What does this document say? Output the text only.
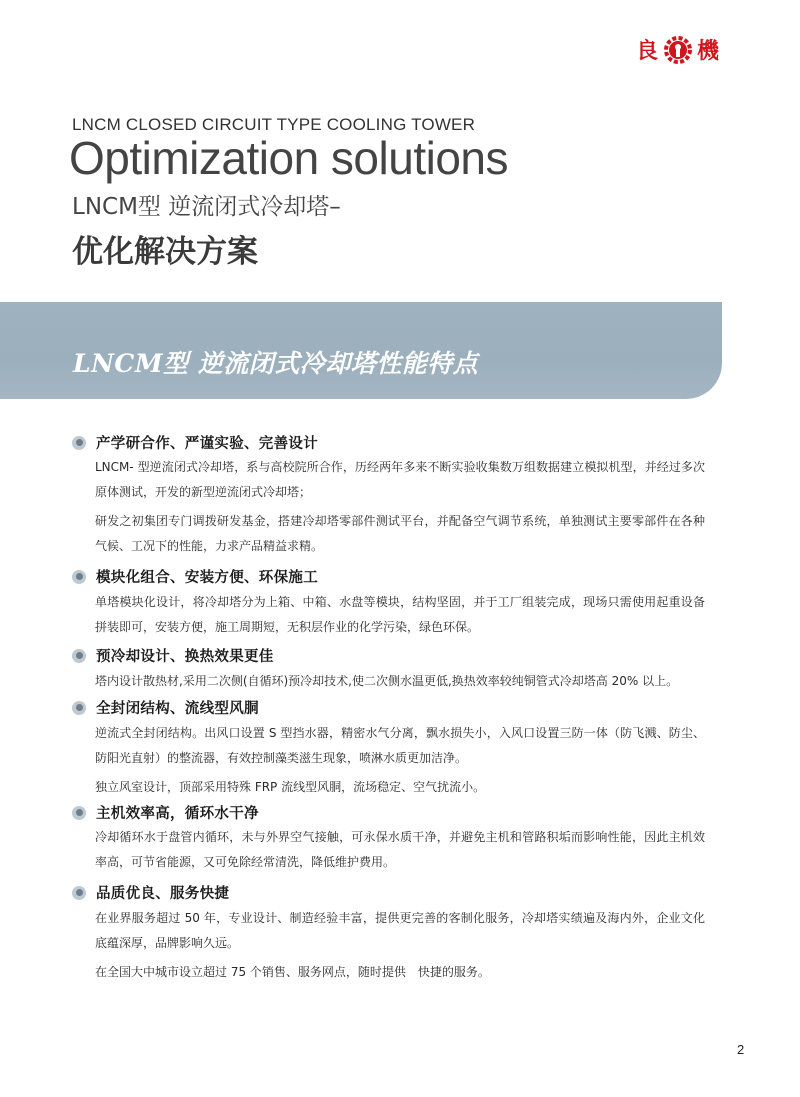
良 機
LNCM CLOSED CIRCUIT TYPE COOLING TOWER
Optimization solutions
LNCM型 逆流闭式冷却塔–
优化解决方案
LNCM型 逆流闭式冷却塔性能特点
产学研合作、严谨实验、完善设计
LNCM- 型逆流闭式冷却塔，系与高校院所合作，历经两年多来不断实验收集数万组数据建立模拟机型，并经过多次原体测试，开发的新型逆流闭式冷却塔；
研发之初集团专门调拨研发基金，搭建冷却塔零部件测试平台，并配备空气调节系统，单独测试主要零部件在各种气候、工况下的性能，力求产品精益求精。
模块化组合、安装方便、环保施工
单塔模块化设计，将冷却塔分为上箱、中箱、水盘等模块，结构坚固，并于工厂组装完成，现场只需使用起重设备拼装即可，安装方便，施工周期短，无积层作业的化学污染，绿色环保。
预冷却设计、换热效果更佳
塔内设计散热材,采用二次侧(自循环)预冷却技术,使二次侧水温更低,换热效率较纯铜管式冷却塔高 20% 以上。
全封闭结构、流线型风胴
逆流式全封闭结构。出风口设置 S 型挡水器，精密水气分离，飘水损失小，入风口设置三防一体（防飞溅、防尘、防阳光直射）的整流器，有效控制藻类滋生现象，喷淋水质更加洁净。
独立风室设计，顶部采用特殊 FRP 流线型风胴，流场稳定、空气扰流小。
主机效率高，循环水干净
冷却循环水于盘管内循环，未与外界空气接触，可永保水质干净，并避免主机和管路积垢而影响性能，因此主机效率高，可节省能源，又可免除经常清洗，降低维护费用。
品质优良、服务快捷
在业界服务超过 50 年，专业设计、制造经验丰富，提供更完善的客制化服务，冷却塔实绩遍及海内外，企业文化底蕴深厚，品牌影响久远。
在全国大中城市设立超过 75 个销售、服务网点，随时提供　快捷的服务。
2
